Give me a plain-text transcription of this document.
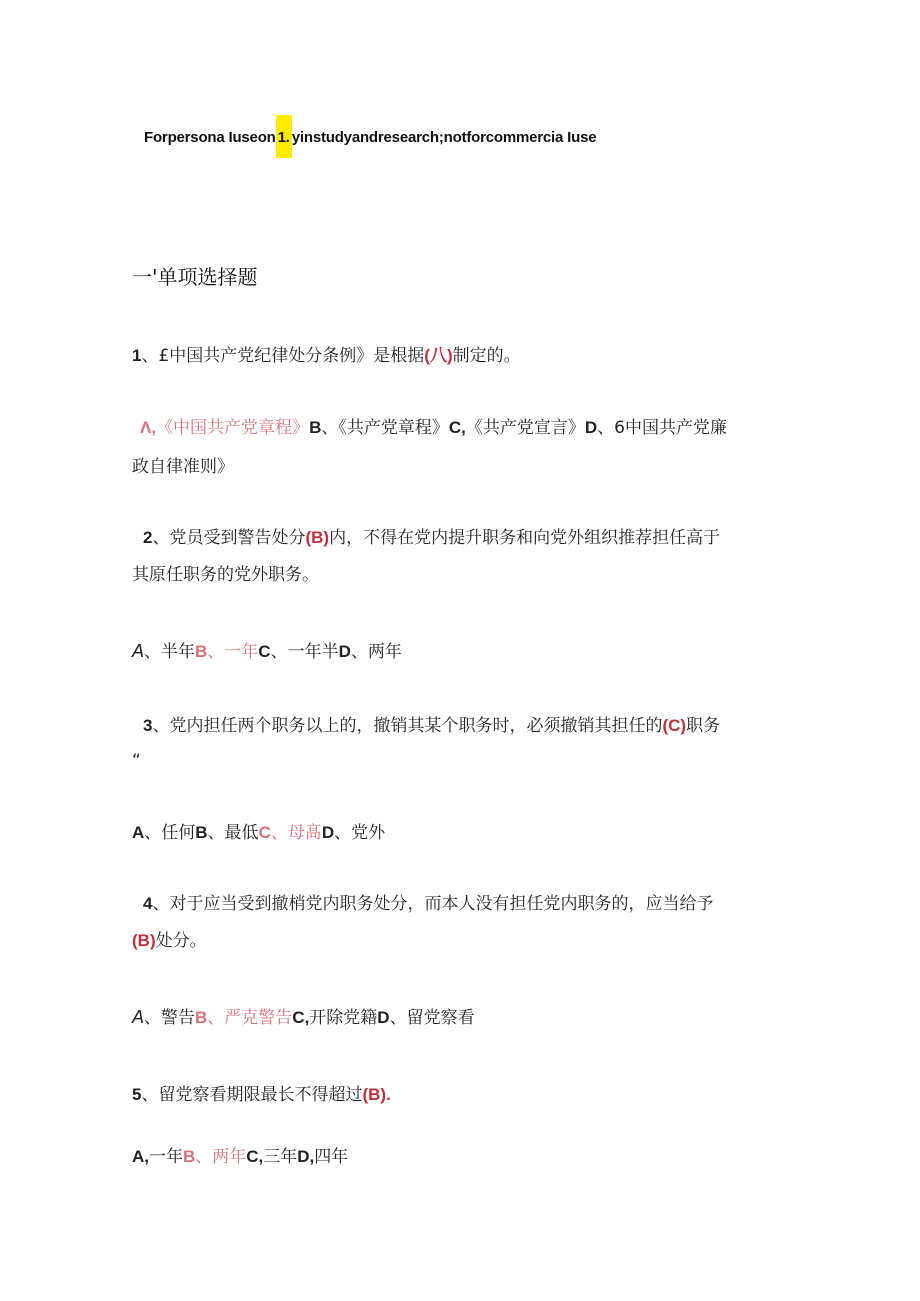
Forpersona Iuseon 1. yinstudyandresearch;notforcommercia Iuse
一'单项选择题
1、£中国共产党纪律处分条例》是根据(八)制定的。
Λ,《中国共产党章程》B、《共产党章程》C,《共产党宣言》D、6中国共产党廉
政自律准则》
2、党员受到警告处分(B)内，不得在党内提升职务和向党外组织推荐担任高于
其原任职务的党外职务。
A、半年B、一年C、一年半D、两年
3、党内担任两个职务以上的，撤销其某个职务时，必须撤销其担任的(C)职务
“
A、任何B、最低C、母髙D、党外
4、对于应当受到撤梢党内职务处分，而本人没有担任党内职务的，应当给予
(B)处分。
A、警告B、严克警告C,开除党籍D、留党察看
5、留党察看期限最长不得超过(B).
A,一年B、两年C,三年D,四年
